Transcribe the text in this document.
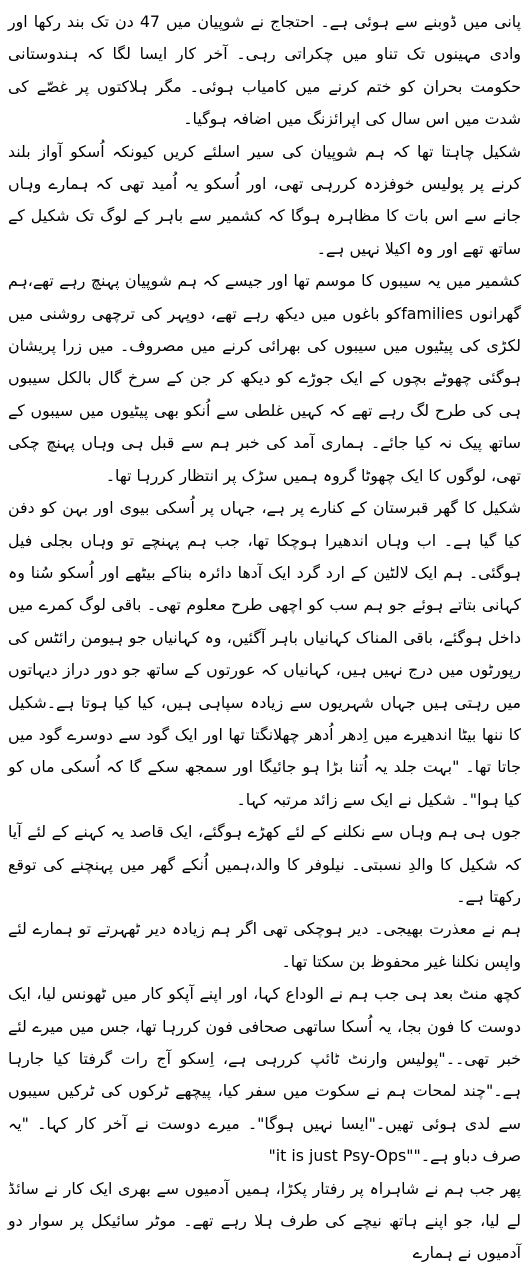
پانی میں ڈوبنے سے ہوئی ہے۔ احتجاج نے شوپیان میں 47 دن تک بند رکھا اور وادی مہینوں تک تناو میں چکراتی رہی۔ آخر کار ایسا لگا کہ ہندوستانی حکومت بحران کو ختم کرنے میں کامیاب ہوئی۔ مگر ہلاکتوں پر غصّے کی شدت میں اس سال کی اپرائزنگ میں اضافہ ہوگیا۔

شکیل چاہتا تھا کہ ہم شوپیان کی سیر اسلئے کریں کیونکہ اُسکو آواز بلند کرنے پر پولیس خوفزدہ کررہی تھی، اور اُسکو یہ اُمید تھی کہ ہمارے وہاں جانے سے اس بات کا مظاہرہ ہوگا کہ کشمیر سے باہر کے لوگ تک شکیل کے ساتھ تھے اور وہ اکیلا نہیں ہے۔

کشمیر میں یہ سیبوں کا موسم تھا اور جیسے کہ ہم شوپیان پہنچ رہے تھے،ہم گھرانوں familiesکو باغوں میں دیکھ رہے تھے، دوپہر کی ترچھی روشنی میں لکڑی کی پیٹیوں میں سیبوں کی بھرائی کرنے میں مصروف۔ میں زرا پریشان ہوگئی چھوٹے بچوں کے ایک جوڑے کو دیکھ کر جن کے سرخ گال بالکل سیبوں ہی کی طرح لگ رہے تھے کہ کہیں غلطی سے اُنکو بھی پیٹیوں میں سیبوں کے ساتھ پیک نہ کیا جائے۔ ہماری آمد کی خبر ہم سے قبل ہی وہاں پہنچ چکی تھی، لوگوں کا ایک چھوٹا گروہ ہمیں سڑک پر انتظار کررہا تھا۔

شکیل کا گھر قبرستان کے کنارے پر ہے، جہاں پر اُسکی بیوی اور بہن کو دفن کیا گیا ہے۔ اب وہاں اندھیرا ہوچکا تھا، جب ہم پہنچے تو وہاں بجلی فیل ہوگئی۔ ہم ایک لالٹین کے ارد گرد ایک آدھا دائرہ بناکے بیٹھے اور اُسکو سُنا وہ کہانی بتاتے ہوئے جو ہم سب کو اچھی طرح معلوم تھی۔ باقی لوگ کمرے میں داخل ہوگئے، باقی المناک کہانیاں باہر آگئیں، وہ کہانیاں جو ہیومن رائٹس کی رپورٹوں میں درج نہیں ہیں، کہانیاں کہ عورتوں کے ساتھ جو دور دراز دیہاتوں میں رہتی ہیں جہاں شہریوں سے زیادہ سپاہی ہیں، کیا کیا ہوتا ہے۔شکیل کا ننھا بیٹا اندھیرے میں اِدھر اُدھر چھلانگتا تھا اور ایک گود سے دوسرے گود میں جاتا تھا۔ "بہت جلد یہ اُتنا بڑا ہو جائیگا اور سمجھ سکے گا کہ اُسکی ماں کو کیا ہوا"۔ شکیل نے ایک سے زائد مرتبہ کہا۔

جوں ہی ہم وہاں سے نکلنے کے لئے کھڑے ہوگئے، ایک قاصد یہ کہنے کے لئے آیا کہ شکیل کا والدِ نسبتی۔ نیلوفر کا والد،ہمیں اُنکے گھر میں پہنچنے کی توقع رکھتا ہے۔

ہم نے معذرت بھیجی۔ دیر ہوچکی تھی اگر ہم زیادہ دیر ٹھہرتے تو ہمارے لئے واپس نکلنا غیر محفوظ بن سکتا تھا۔

کچھ منٹ بعد ہی جب ہم نے الوداع کہا، اور اپنے آپکو کار میں ٹھونس لیا، ایک دوست کا فون بجا، یہ اُسکا ساتھی صحافی فون کررہا تھا، جس میں میرے لئے خبر تھی۔۔"پولیس وارنٹ ٹائپ کررہی ہے، اِسکو آج رات گرفتا کیا جارہا ہے۔"چند لمحات ہم نے سکوت میں سفر کیا، پیچھے ٹرکوں کی ٹرکیں سیبوں سے لدی ہوئی تھیں۔"ایسا نہیں ہوگا"۔ میرے دوست نے آخر کار کہا۔ "یہ صرف دباو ہے۔""it is just Psy-Ops"

پھر جب ہم نے شاہراہ پر رفتار پکڑا، ہمیں آدمیوں سے بھری ایک کار نے سائڈ لے لیا، جو اپنے ہاتھ نیچے کی طرف ہلا رہے تھے۔ موٹر سائیکل پر سوار دو آدمیوں نے ہمارے
